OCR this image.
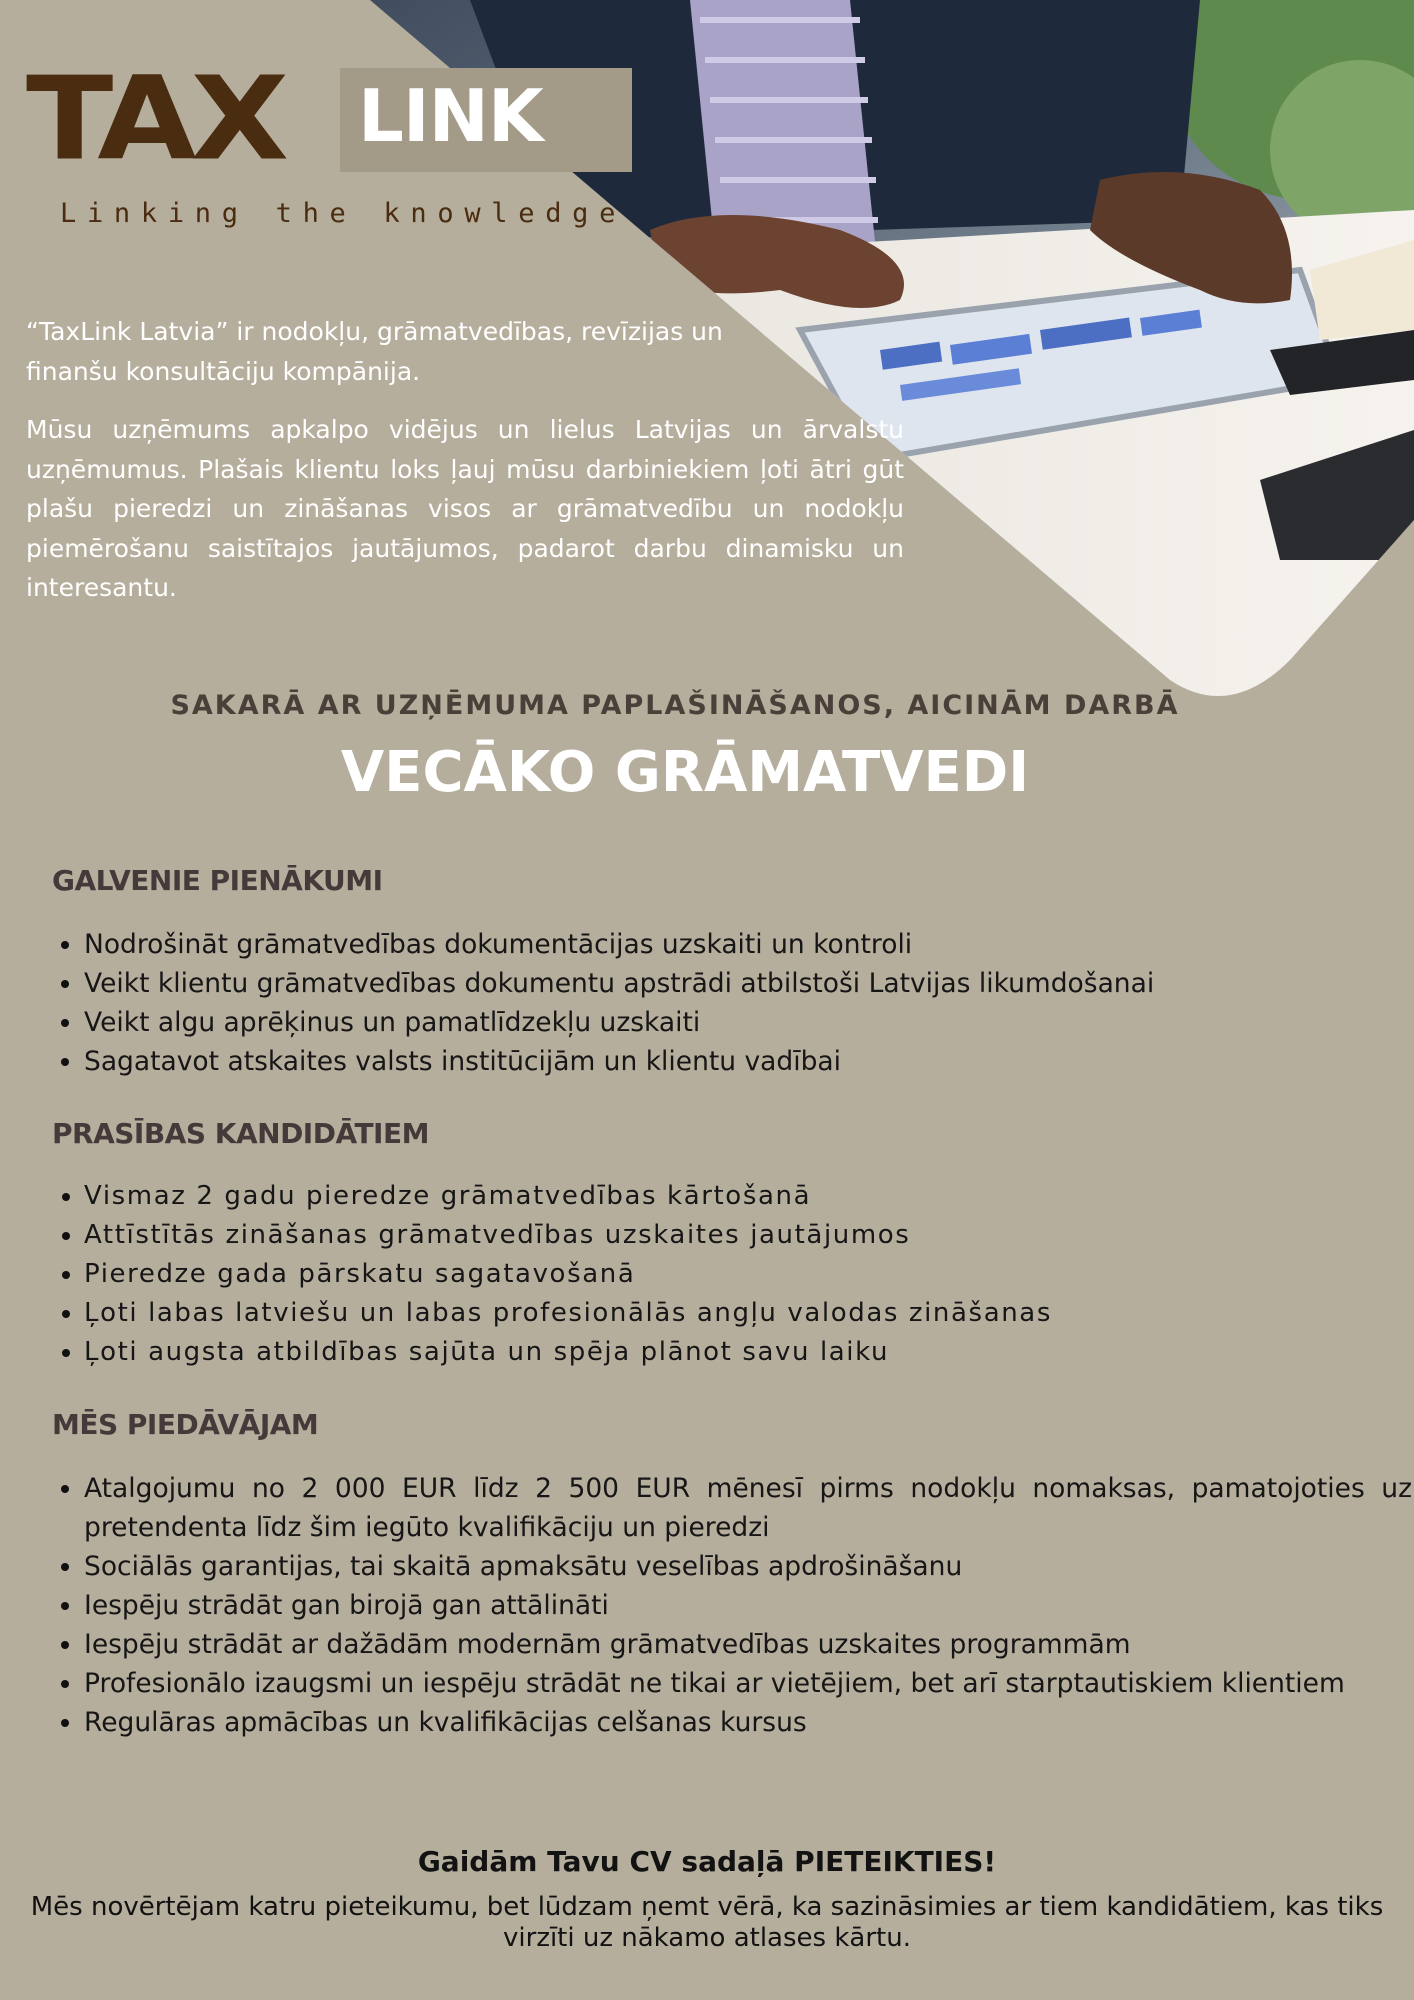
TAX LINK
Linking the knowledge
“TaxLink Latvia” ir nodokļu, grāmatvedības, revīzijas un finanšu konsultāciju kompānija.
Mūsu uzņēmums apkalpo vidējus un lielus Latvijas un ārvalstu uzņēmumus. Plašais klientu loks ļauj mūsu darbiniekiem ļoti ātri gūt plašu pieredzi un zināšanas visos ar grāmatvedību un nodokļu piemērošanu saistītajos jautājumos, padarot darbu dinamisku un interesantu.
SAKARĀ AR UZŅĒMUMA PAPLAŠINĀŠANOS, AICINĀM DARBĀ
VECĀKO GRĀMATVEDI
GALVENIE PIENĀKUMI
• Nodrošināt grāmatvedības dokumentācijas uzskaiti un kontroli
• Veikt klientu grāmatvedības dokumentu apstrādi atbilstoši Latvijas likumdošanai
• Veikt algu aprēķinus un pamatlīdzekļu uzskaiti
• Sagatavot atskaites valsts institūcijām un klientu vadībai
PRASĪBAS KANDIDĀTIEM
• Vismaz 2 gadu pieredze grāmatvedības kārtošanā
• Attīstītās zināšanas grāmatvedības uzskaites jautājumos
• Pieredze gada pārskatu sagatavošanā
• Ļoti labas latviešu un labas profesionālās angļu valodas zināšanas
• Ļoti augsta atbildības sajūta un spēja plānot savu laiku
MĒS PIEDĀVĀJAM
• Atalgojumu no 2 000 EUR līdz 2 500 EUR mēnesī pirms nodokļu nomaksas, pamatojoties uz pretendenta līdz šim iegūto kvalifikāciju un pieredzi
• Sociālās garantijas, tai skaitā apmaksātu veselības apdrošināšanu
• Iespēju strādāt gan birojā gan attālināti
• Iespēju strādāt ar dažādām modernām grāmatvedības uzskaites programmām
• Profesionālo izaugsmi un iespēju strādāt ne tikai ar vietējiem, bet arī starptautiskiem klientiem
• Regulāras apmācības un kvalifikācijas celšanas kursus
Gaidām Tavu CV sadaļā PIETEIKTIES!
Mēs novērtējam katru pieteikumu, bet lūdzam ņemt vērā, ka sazināsimies ar tiem kandidātiem, kas tiks virzīti uz nākamo atlases kārtu.
